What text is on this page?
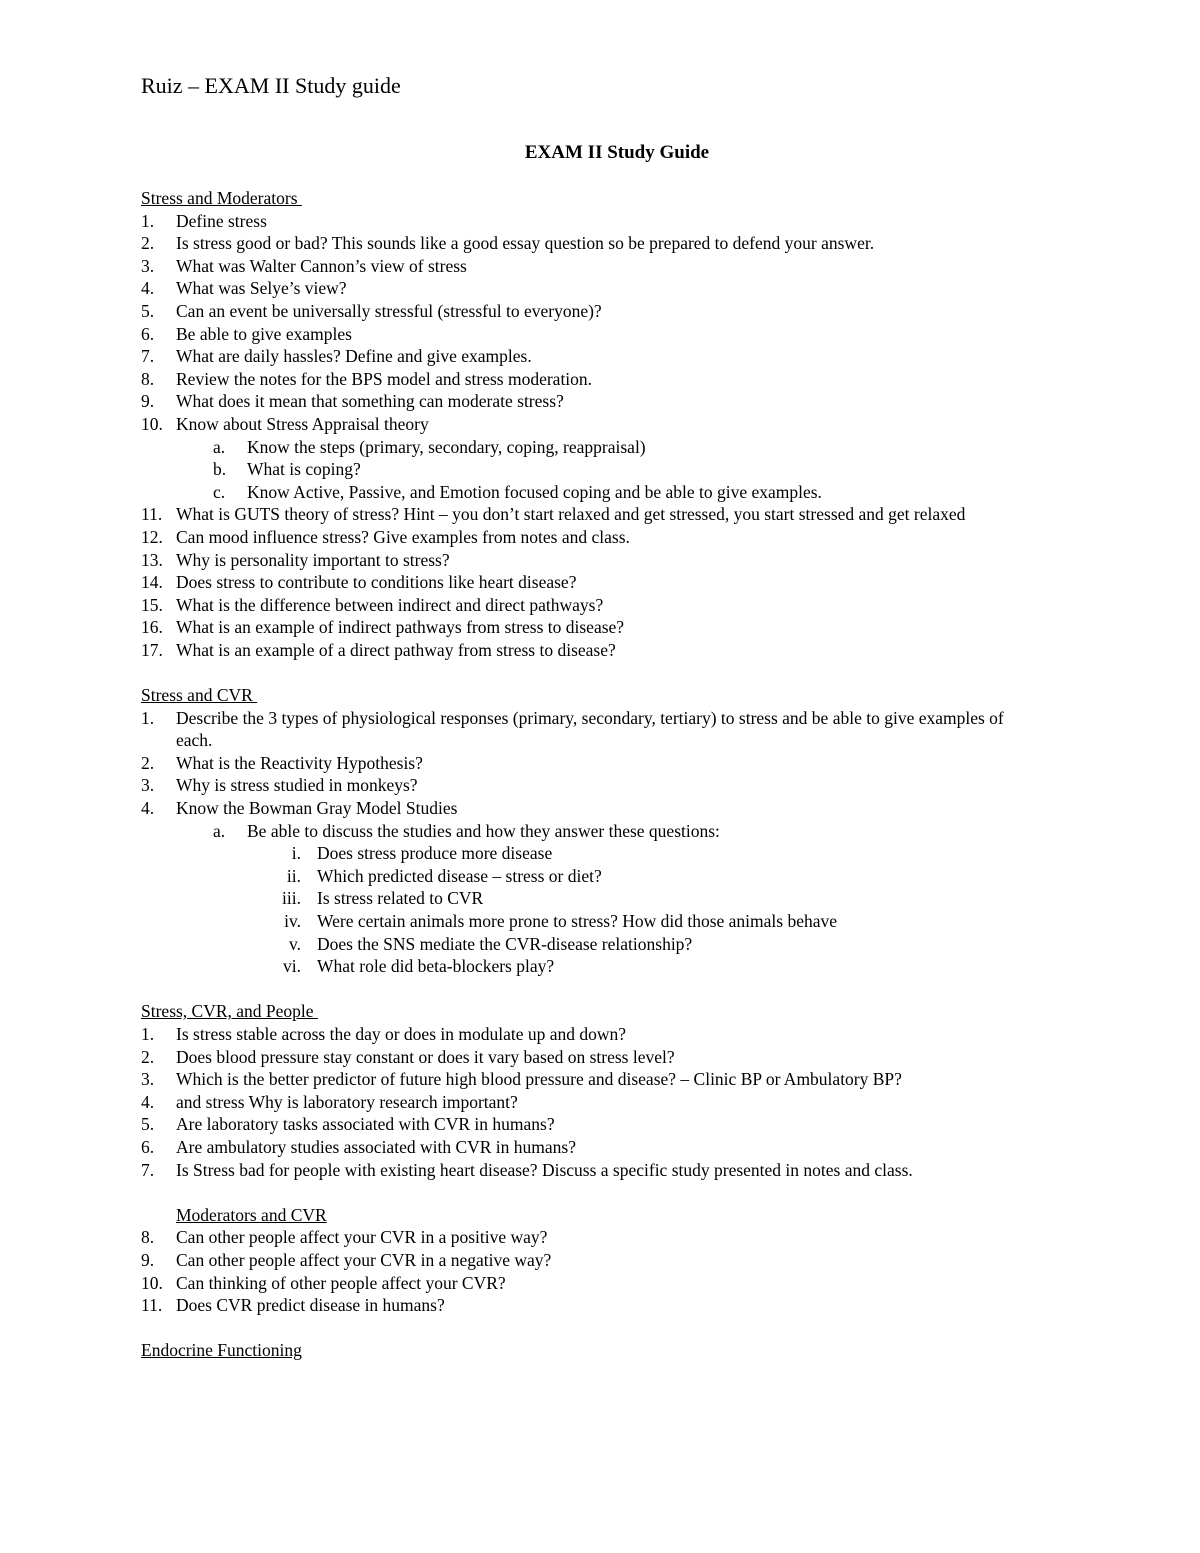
Ruiz – EXAM II Study guide
EXAM II Study Guide
Stress and Moderators
1.	Define stress
2.	Is stress good or bad? This sounds like a good essay question so be prepared to defend your answer.
3.	What was Walter Cannon’s view of stress
4.	What was Selye’s view?
5.	Can an event be universally stressful (stressful to everyone)?
6.	Be able to give examples
7.	What are daily hassles? Define and give examples.
8.	Review the notes for the BPS model and stress moderation.
9.	What does it mean that something can moderate stress?
10. Know about Stress Appraisal theory
a.	Know the steps (primary, secondary, coping, reappraisal)
b.	What is coping?
c.	Know Active, Passive, and Emotion focused coping and be able to give examples.
11. What is GUTS theory of stress? Hint – you don’t start relaxed and get stressed, you start stressed and get relaxed
12. Can mood influence stress? Give examples from notes and class.
13. Why is personality important to stress?
14. Does stress to contribute to conditions like heart disease?
15. What is the difference between indirect and direct pathways?
16. What is an example of indirect pathways from stress to disease?
17. What is an example of a direct pathway from stress to disease?
Stress and CVR
1.	Describe the 3 types of physiological responses (primary, secondary, tertiary) to stress and be able to give examples of each.
2.	What is the Reactivity Hypothesis?
3.	Why is stress studied in monkeys?
4.	Know the Bowman Gray Model Studies
a.	Be able to discuss the studies and how they answer these questions:
i. Does stress produce more disease
ii. Which predicted disease – stress or diet?
iii. Is stress related to CVR
iv. Were certain animals more prone to stress? How did those animals behave
v. Does the SNS mediate the CVR-disease relationship?
vi. What role did beta-blockers play?
Stress, CVR, and People
1.	Is stress stable across the day or does in modulate up and down?
2.	Does blood pressure stay constant or does it vary based on stress level?
3.	Which is the better predictor of future high blood pressure and disease? – Clinic BP or Ambulatory BP?
4.	and stress Why is laboratory research important?
5.	Are laboratory tasks associated with CVR in humans?
6.	Are ambulatory studies associated with CVR in humans?
7.	Is Stress bad for people with existing heart disease? Discuss a specific study presented in notes and class.
Moderators and CVR
8.	Can other people affect your CVR in a positive way?
9.	Can other people affect your CVR in a negative way?
10. Can thinking of other people affect your CVR?
11. Does CVR predict disease in humans?
Endocrine Functioning
